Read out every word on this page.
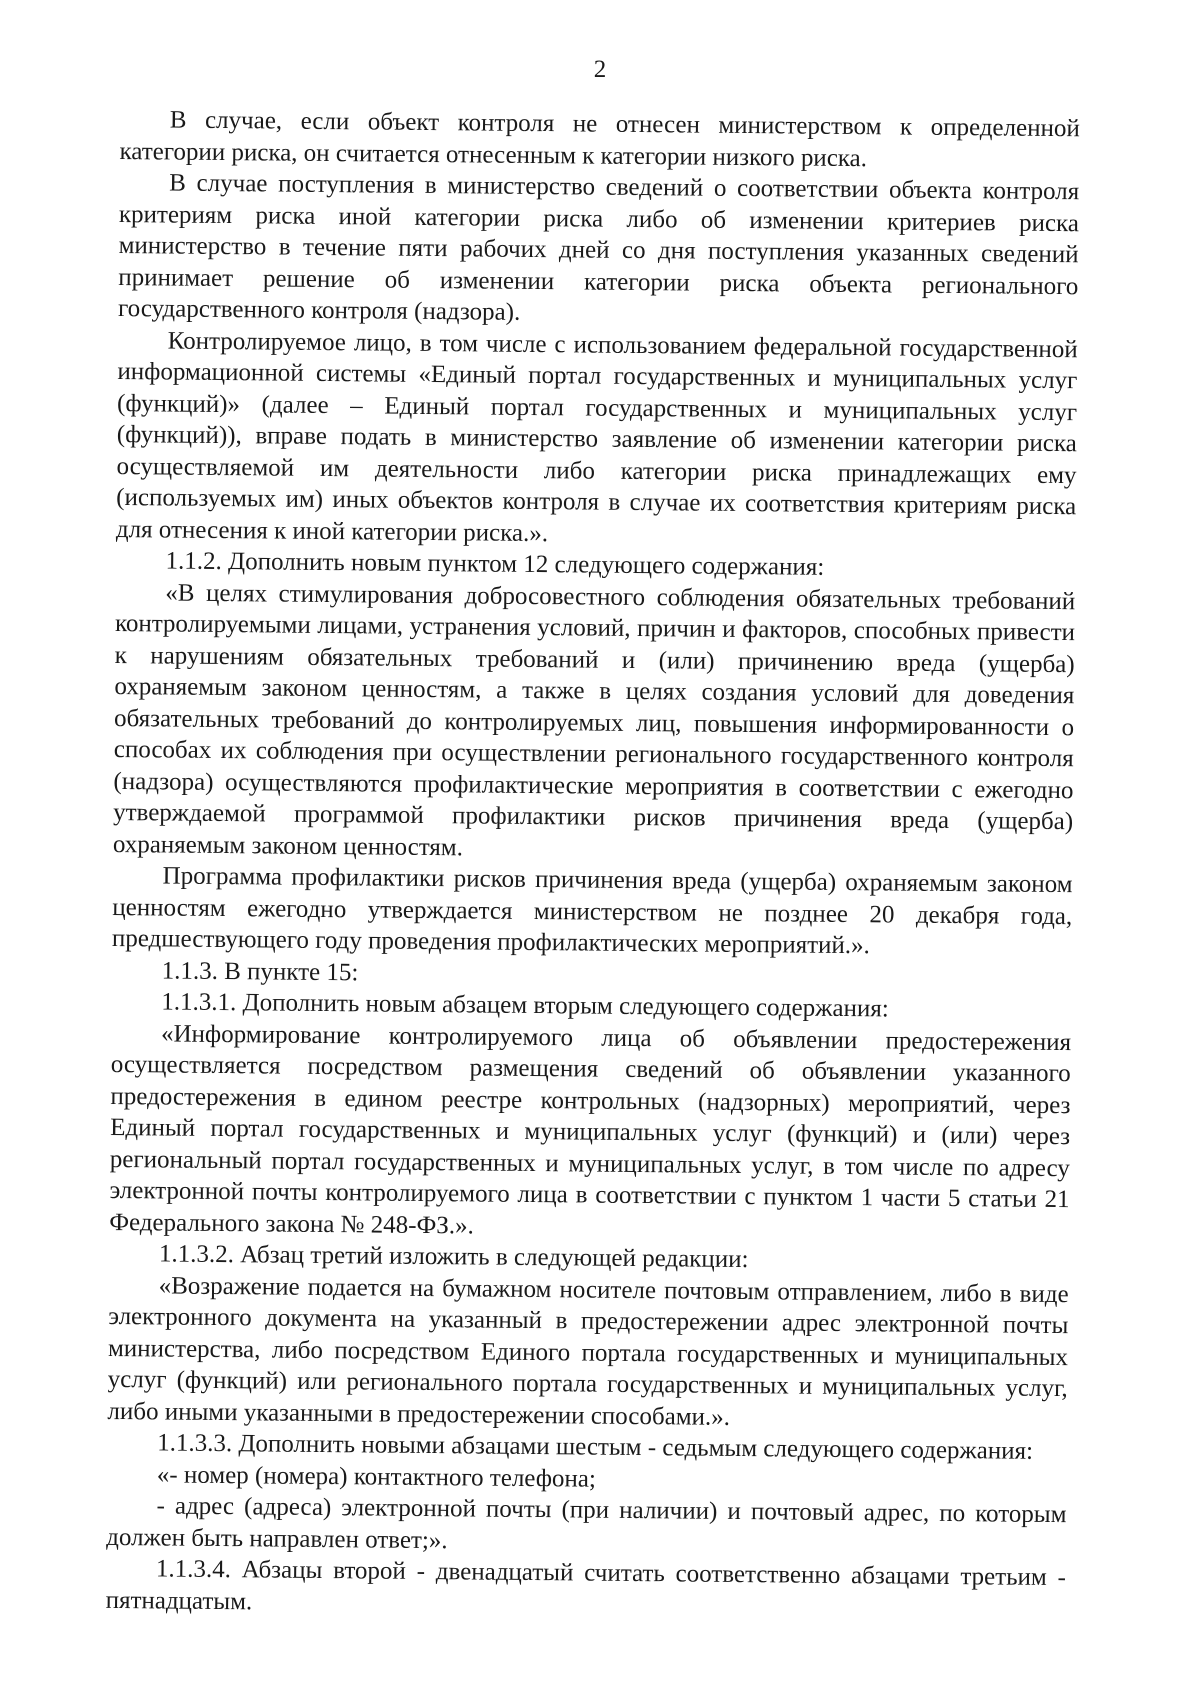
2

В случае, если объект контроля не отнесен министерством к определенной категории риска, он считается отнесенным к категории низкого риска.

В случае поступления в министерство сведений о соответствии объекта контроля критериям риска иной категории риска либо об изменении критериев риска министерство в течение пяти рабочих дней со дня поступления указанных сведений принимает решение об изменении категории риска объекта регионального государственного контроля (надзора).

Контролируемое лицо, в том числе с использованием федеральной государственной информационной системы «Единый портал государственных и муниципальных услуг (функций)» (далее – Единый портал государственных и муниципальных услуг (функций)), вправе подать в министерство заявление об изменении категории риска осуществляемой им деятельности либо категории риска принадлежащих ему (используемых им) иных объектов контроля в случае их соответствия критериям риска для отнесения к иной категории риска.».

1.1.2. Дополнить новым пунктом 12 следующего содержания:

«В целях стимулирования добросовестного соблюдения обязательных требований контролируемыми лицами, устранения условий, причин и факторов, способных привести к нарушениям обязательных требований и (или) причинению вреда (ущерба) охраняемым законом ценностям, а также в целях создания условий для доведения обязательных требований до контролируемых лиц, повышения информированности о способах их соблюдения при осуществлении регионального государственного контроля (надзора) осуществляются профилактические мероприятия в соответствии с ежегодно утверждаемой программой профилактики рисков причинения вреда (ущерба) охраняемым законом ценностям.

Программа профилактики рисков причинения вреда (ущерба) охраняемым законом ценностям ежегодно утверждается министерством не позднее 20 декабря года, предшествующего году проведения профилактических мероприятий.».

1.1.3. В пункте 15:

1.1.3.1. Дополнить новым абзацем вторым следующего содержания:

«Информирование контролируемого лица об объявлении предостережения осуществляется посредством размещения сведений об объявлении указанного предостережения в едином реестре контрольных (надзорных) мероприятий, через Единый портал государственных и муниципальных услуг (функций) и (или) через региональный портал государственных и муниципальных услуг, в том числе по адресу электронной почты контролируемого лица в соответствии с пунктом 1 части 5 статьи 21 Федерального закона № 248-ФЗ.».

1.1.3.2. Абзац третий изложить в следующей редакции:

«Возражение подается на бумажном носителе почтовым отправлением, либо в виде электронного документа на указанный в предостережении адрес электронной почты министерства, либо посредством Единого портала государственных и муниципальных услуг (функций) или регионального портала государственных и муниципальных услуг, либо иными указанными в предостережении способами.».

1.1.3.3. Дополнить новыми абзацами шестым - седьмым следующего содержания:

«- номер (номера) контактного телефона;

- адрес (адреса) электронной почты (при наличии) и почтовый адрес, по которым должен быть направлен ответ;».

1.1.3.4. Абзацы второй - двенадцатый считать соответственно абзацами третьим - пятнадцатым.
